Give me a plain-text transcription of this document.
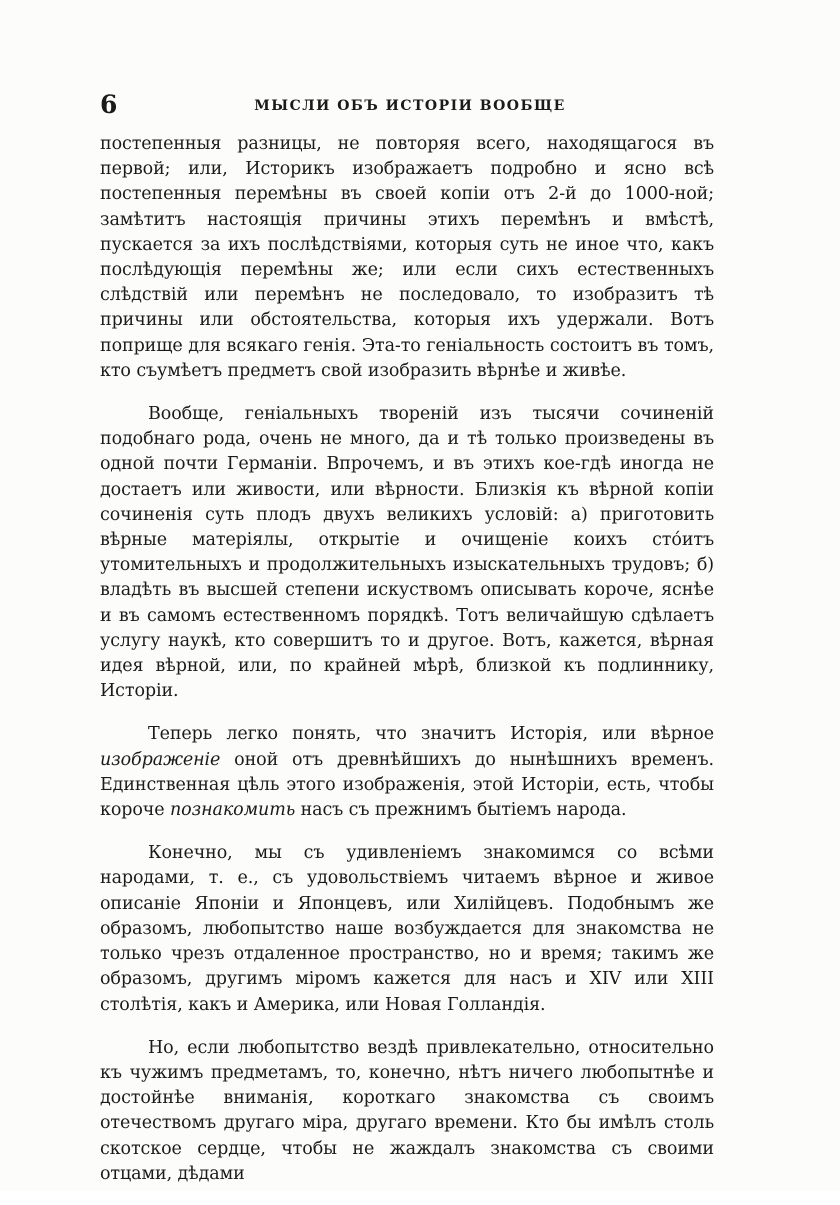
6	МЫСЛИ ОБЪ ИСТОРІИ ВООБЩЕ

постепенныя разницы, не повторяя всего, находящагося въ первой; или, Историкъ изображаетъ подробно и ясно всѣ постепенныя перемѣны въ своей копіи отъ 2-й до 1000-ной; замѣтитъ настоящія причины этихъ перемѣнъ и вмѣстѣ, пускается за ихъ послѣдствіями, которыя суть не иное что, какъ послѣдующія перемѣны же; или если сихъ естественныхъ слѣдствій или перемѣнъ не последовало, то изобразитъ тѣ причины или обстоятельства, которыя ихъ удержали. Вотъ поприще для всякаго генія. Эта-то геніальность состоитъ въ томъ, кто съумѣетъ предметъ свой изобразить вѣрнѣе и живѣе.

Вообще, геніальныхъ твореній изъ тысячи сочиненій подобнаго рода, очень не много, да и тѣ только произведены въ одной почти Германіи. Впрочемъ, и въ этихъ кое-гдѣ иногда не достаетъ или живости, или вѣрности. Близкія къ вѣрной копіи сочиненія суть плодъ двухъ великихъ условій: а) приготовить вѣрные матеріялы, открытіе и очищеніе коихъ стóитъ утомительныхъ и продолжительныхъ изыскательныхъ трудовъ; б) владѣть въ высшей степени искуствомъ описывать короче, яснѣе и въ самомъ естественномъ порядкѣ. Тотъ величайшую сдѣлаетъ услугу наукѣ, кто совершитъ то и другое. Вотъ, кажется, вѣрная идея вѣрной, или, по крайней мѣрѣ, близкой къ подлиннику, Исторіи.

Теперь легко понять, что значитъ Исторія, или вѣрное изображеніе оной отъ древнѣйшихъ до нынѣшнихъ временъ. Единственная цѣль этого изображенія, этой Исторіи, есть, чтобы короче познакомить насъ съ прежнимъ бытіемъ народа.

Конечно, мы съ удивленіемъ знакомимся со всѣми народами, т. е., съ удовольствіемъ читаемъ вѣрное и живое описаніе Японіи и Японцевъ, или Хилійцевъ. Подобнымъ же образомъ, любопытство наше возбуждается для знакомства не только чрезъ отдаленное пространство, но и время; такимъ же образомъ, другимъ міромъ кажется для насъ и XIV или XIII столѣтія, какъ и Америка, или Новая Голландія.

Но, если любопытство вездѣ привлекательно, относительно къ чужимъ предметамъ, то, конечно, нѣтъ ничего любопытнѣе и достойнѣе вниманія, короткаго знакомства съ своимъ отечествомъ другаго міра, другаго времени. Кто бы имѣлъ столь скотское сердце, чтобы не жаждалъ знакомства съ своими отцами, дѣдами
